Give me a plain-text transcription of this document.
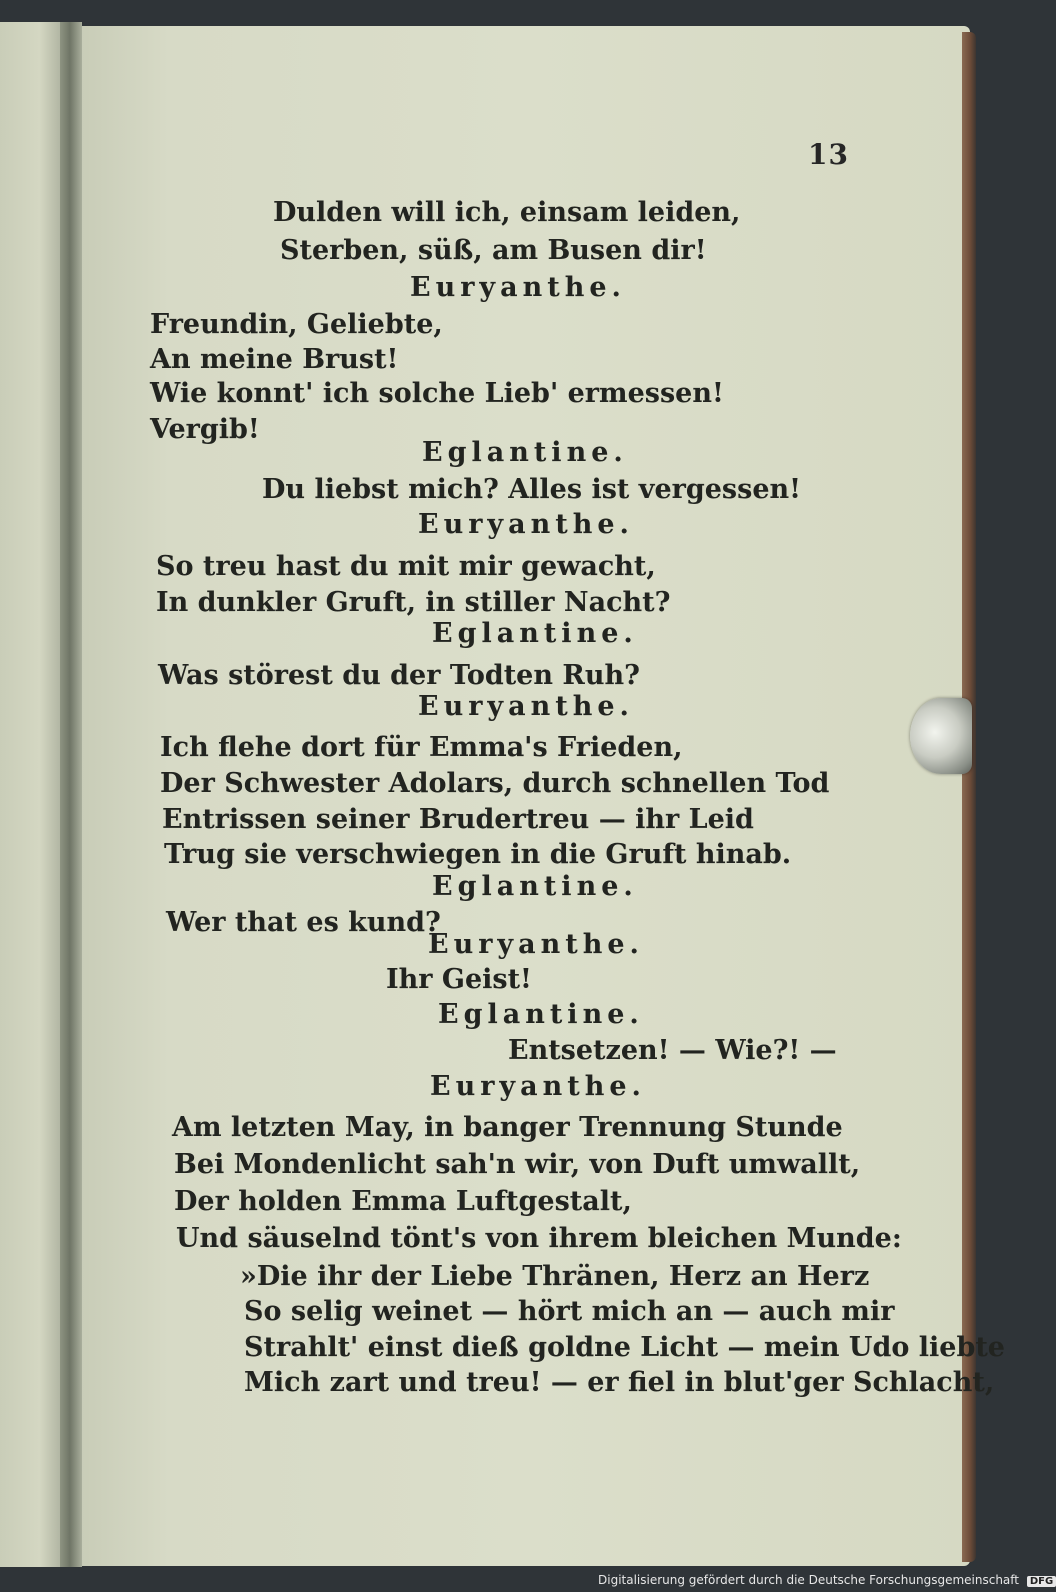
13
Dulden will ich, einsam leiden,
Sterben, süß, am Busen dir!
Euryanthe.
Freundin, Geliebte,
An meine Brust!
Wie konnt' ich solche Lieb' ermessen!
Vergib!
Eglantine.
Du liebst mich? Alles ist vergessen!
Euryanthe.
So treu hast du mit mir gewacht,
In dunkler Gruft, in stiller Nacht?
Eglantine.
Was störest du der Todten Ruh?
Euryanthe.
Ich flehe dort für Emma's Frieden,
Der Schwester Adolars, durch schnellen Tod
Entrissen seiner Brudertreu — ihr Leid
Trug sie verschwiegen in die Gruft hinab.
Eglantine.
Wer that es kund?
Euryanthe.
Ihr Geist!
Eglantine.
Entsetzen! — Wie?! —
Euryanthe.
Am letzten May, in banger Trennung Stunde
Bei Mondenlicht sah'n wir, von Duft umwallt,
Der holden Emma Luftgestalt,
Und säuselnd tönt's von ihrem bleichen Munde:
»Die ihr der Liebe Thränen, Herz an Herz
So selig weinet — hört mich an — auch mir
Strahlt' einst dieß goldne Licht — mein Udo liebte
Mich zart und treu! — er fiel in blut'ger Schlacht,
Digitalisierung gefördert durch die Deutsche Forschungsgemeinschaft DFG
